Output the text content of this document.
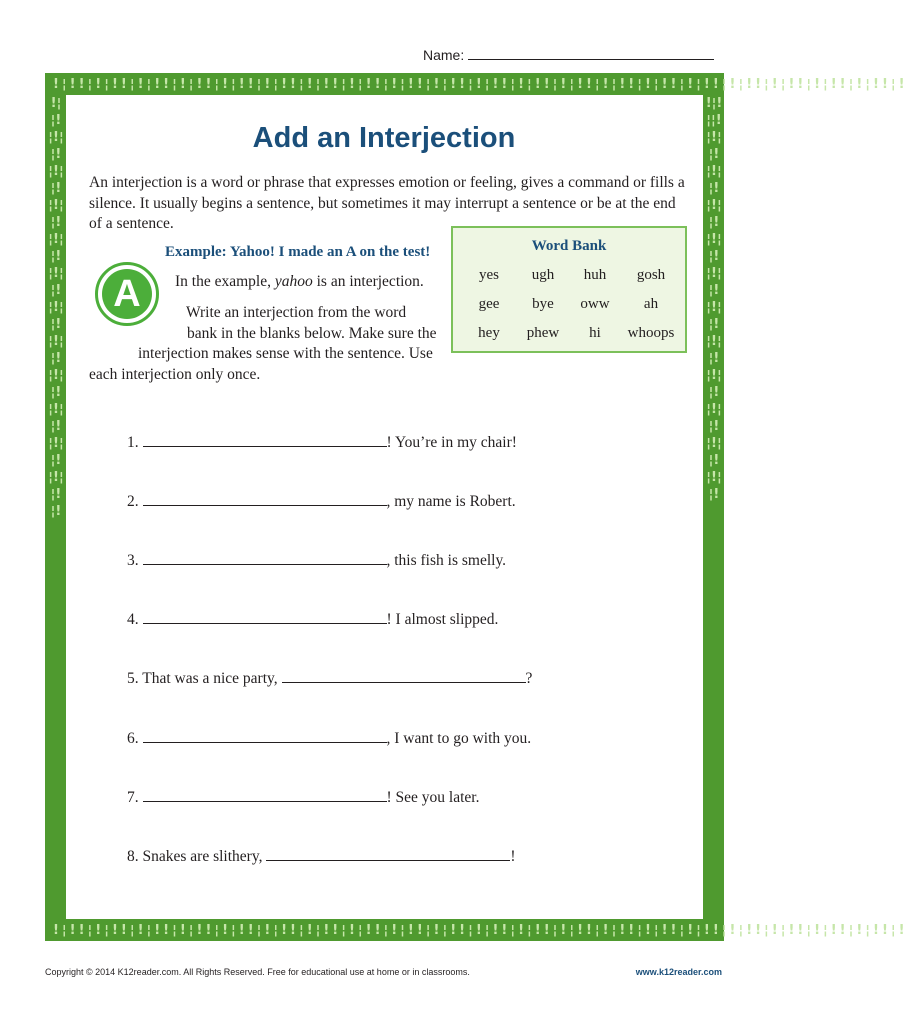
Name:
!¦!!¦!¦!!¦!¦!!¦!¦!!¦!¦!!¦!¦!!¦!¦!!¦!¦!!¦!¦!!¦!¦!!¦!¦!!¦!¦!!¦!¦!!¦!¦!!¦!¦!!¦!¦!!¦!¦!!¦!¦!!¦!¦!!¦!¦!!¦!
!¦!!¦!¦!!¦!¦!!¦!¦!!¦!¦!!¦!¦!!¦!¦!!¦!¦!!¦!¦!!¦!¦!!¦!¦!!¦!¦!!¦!¦!!¦!¦!!¦!¦!!¦!¦!!¦!¦!!¦!¦!!¦!¦!!¦!¦!!¦!
!¦¦!¦!¦¦!¦!¦¦!¦!¦¦!¦!¦¦!¦!¦¦!¦!¦¦!¦!¦¦!¦!¦¦!¦!¦¦!¦!¦¦!¦!¦¦!¦!
!¦!¦¦!¦!¦¦!¦!¦¦!¦!¦¦!¦!¦¦!¦!¦¦!¦!¦¦!¦!¦¦!¦!¦¦!¦!¦¦!¦!¦¦!¦!¦¦!
Add an Interjection
An interjection is a word or phrase that expresses emotion or feeling, gives a command or fills a silence. It usually begins a sentence, but sometimes it may interrupt a sentence or be at the end of a sentence.
Example: Yahoo! I made an A on the test!
A	In the example, yahoo is an interjection.
Write an interjection from the word
bank in the blanks below. Make sure the
interjection makes sense with the sentence. Use
each interjection only once.
Word Bank
yes	ugh	huh	gosh
gee	bye	oww	ah
hey	phew	hi	whoops
1.	! You’re in my chair!
2.	, my name is Robert.
3.	, this fish is smelly.
4.	! I almost slipped.
5. That was a nice party,	?
6.	, I want to go with you.
7.	! See you later.
8. Snakes are slithery,	!
Copyright © 2014 K12reader.com. All Rights Reserved. Free for educational use at home or in classrooms.	www.k12reader.com
